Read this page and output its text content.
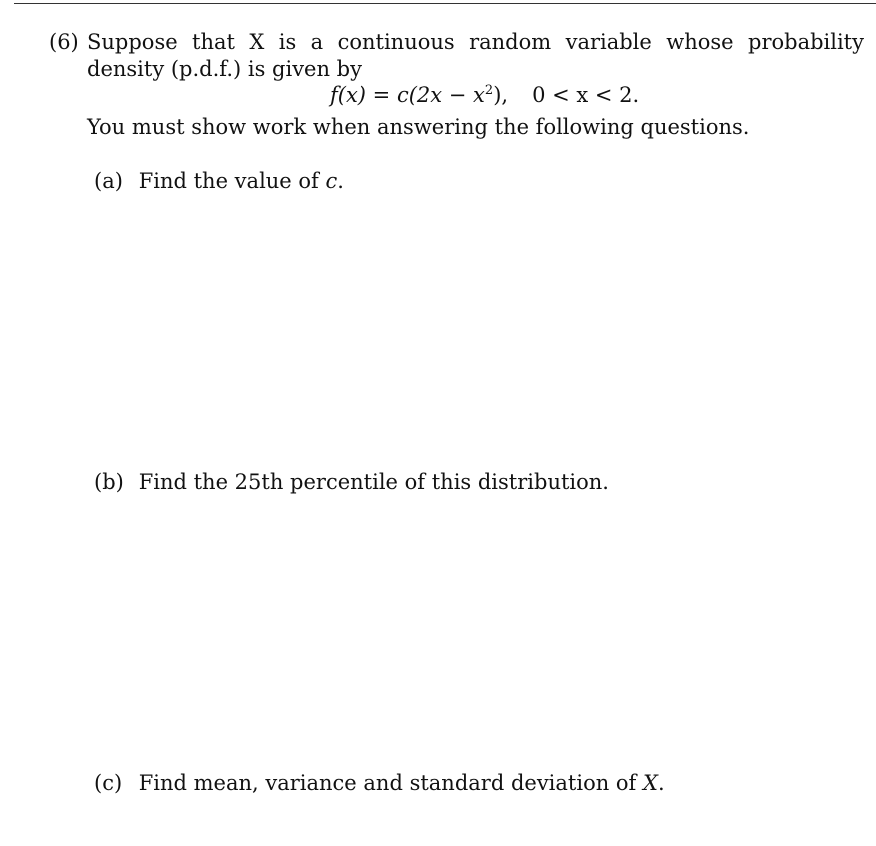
(6) Suppose that X is a continuous random variable whose probability density (p.d.f.) is given by
$f(x) = c(2x - x^2)$, 0 < x < 2.
You must show work when answering the following questions.
(a) Find the value of c.
(b) Find the 25th percentile of this distribution.
(c) Find mean, variance and standard deviation of X.
